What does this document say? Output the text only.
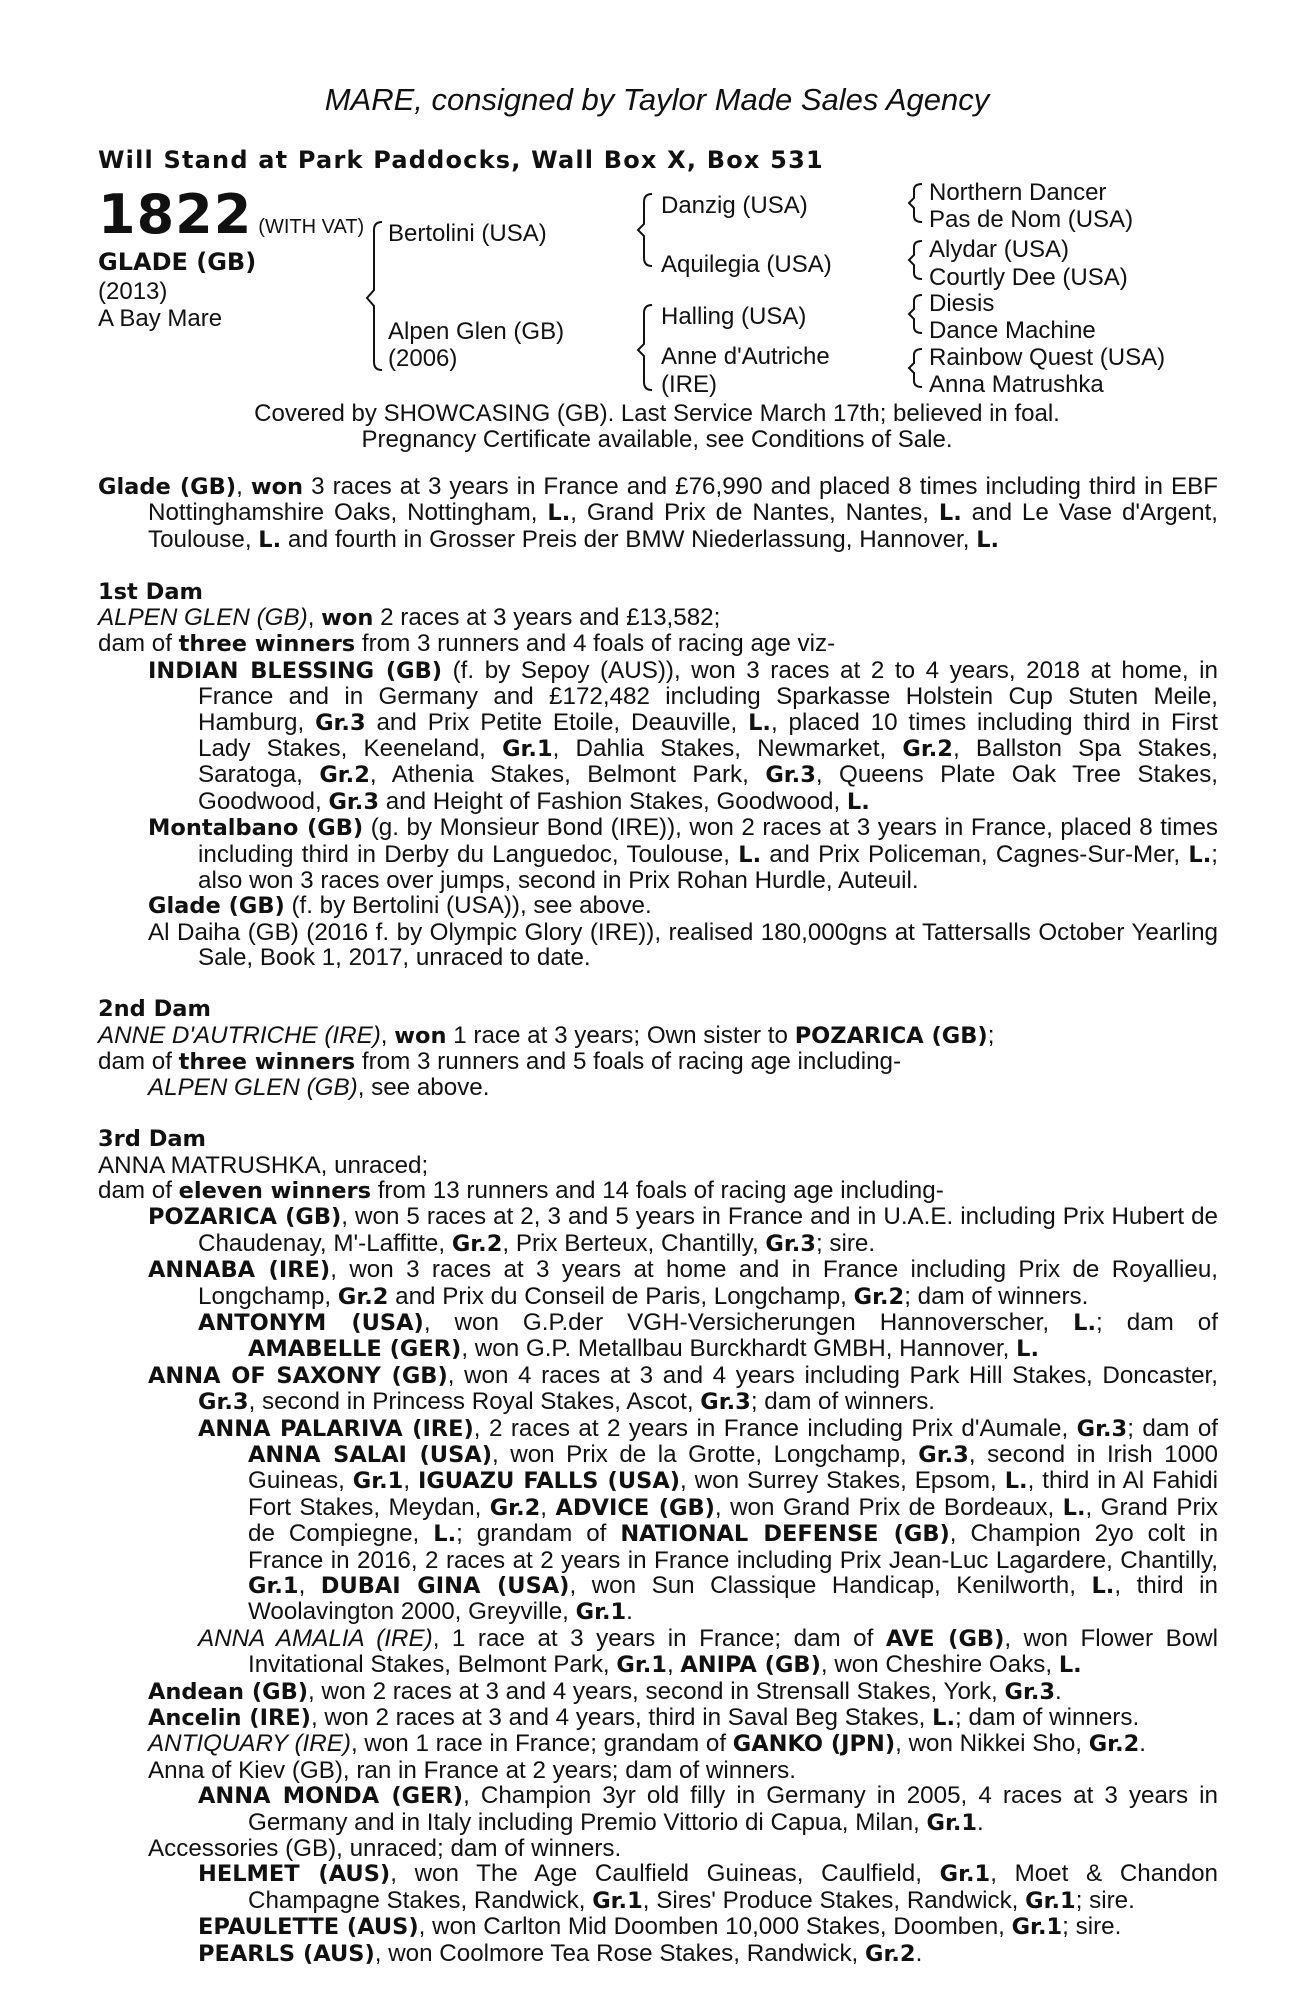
MARE, consigned by Taylor Made Sales Agency
Will Stand at Park Paddocks, Wall Box X, Box 531
1822 (WITH VAT)
GLADE (GB)
(2013)
A Bay Mare
Bertolini (USA)
Alpen Glen (GB)
(2006)
Danzig (USA)
Aquilegia (USA)
Halling (USA)
Anne d'Autriche
(IRE)
Northern Dancer
Pas de Nom (USA)
Alydar (USA)
Courtly Dee (USA)
Diesis
Dance Machine
Rainbow Quest (USA)
Anna Matrushka
Covered by SHOWCASING (GB). Last Service March 17th; believed in foal.
Pregnancy Certificate available, see Conditions of Sale.
Glade (GB), won 3 races at 3 years in France and £76,990 and placed 8 times including third in EBF Nottinghamshire Oaks, Nottingham, L., Grand Prix de Nantes, Nantes, L. and Le Vase d'Argent, Toulouse, L. and fourth in Grosser Preis der BMW Niederlassung, Hannover, L.
1st Dam
ALPEN GLEN (GB), won 2 races at 3 years and £13,582;
dam of three winners from 3 runners and 4 foals of racing age viz-
INDIAN BLESSING (GB) (f. by Sepoy (AUS)), won 3 races at 2 to 4 years, 2018 at home, in France and in Germany and £172,482 including Sparkasse Holstein Cup Stuten Meile, Hamburg, Gr.3 and Prix Petite Etoile, Deauville, L., placed 10 times including third in First Lady Stakes, Keeneland, Gr.1, Dahlia Stakes, Newmarket, Gr.2, Ballston Spa Stakes, Saratoga, Gr.2, Athenia Stakes, Belmont Park, Gr.3, Queens Plate Oak Tree Stakes, Goodwood, Gr.3 and Height of Fashion Stakes, Goodwood, L.
Montalbano (GB) (g. by Monsieur Bond (IRE)), won 2 races at 3 years in France, placed 8 times including third in Derby du Languedoc, Toulouse, L. and Prix Policeman, Cagnes-Sur-Mer, L.; also won 3 races over jumps, second in Prix Rohan Hurdle, Auteuil.
Glade (GB) (f. by Bertolini (USA)), see above.
Al Daiha (GB) (2016 f. by Olympic Glory (IRE)), realised 180,000gns at Tattersalls October Yearling Sale, Book 1, 2017, unraced to date.
2nd Dam
ANNE D'AUTRICHE (IRE), won 1 race at 3 years; Own sister to POZARICA (GB);
dam of three winners from 3 runners and 5 foals of racing age including-
ALPEN GLEN (GB), see above.
3rd Dam
ANNA MATRUSHKA, unraced;
dam of eleven winners from 13 runners and 14 foals of racing age including-
POZARICA (GB), won 5 races at 2, 3 and 5 years in France and in U.A.E. including Prix Hubert de Chaudenay, M'-Laffitte, Gr.2, Prix Berteux, Chantilly, Gr.3; sire.
ANNABA (IRE), won 3 races at 3 years at home and in France including Prix de Royallieu, Longchamp, Gr.2 and Prix du Conseil de Paris, Longchamp, Gr.2; dam of winners.
ANTONYM (USA), won G.P.der VGH-Versicherungen Hannoverscher, L.; dam of AMABELLE (GER), won G.P. Metallbau Burckhardt GMBH, Hannover, L.
ANNA OF SAXONY (GB), won 4 races at 3 and 4 years including Park Hill Stakes, Doncaster, Gr.3, second in Princess Royal Stakes, Ascot, Gr.3; dam of winners.
ANNA PALARIVA (IRE), 2 races at 2 years in France including Prix d'Aumale, Gr.3; dam of ANNA SALAI (USA), won Prix de la Grotte, Longchamp, Gr.3, second in Irish 1000 Guineas, Gr.1, IGUAZU FALLS (USA), won Surrey Stakes, Epsom, L., third in Al Fahidi Fort Stakes, Meydan, Gr.2, ADVICE (GB), won Grand Prix de Bordeaux, L., Grand Prix de Compiegne, L.; grandam of NATIONAL DEFENSE (GB), Champion 2yo colt in France in 2016, 2 races at 2 years in France including Prix Jean-Luc Lagardere, Chantilly, Gr.1, DUBAI GINA (USA), won Sun Classique Handicap, Kenilworth, L., third in Woolavington 2000, Greyville, Gr.1.
ANNA AMALIA (IRE), 1 race at 3 years in France; dam of AVE (GB), won Flower Bowl Invitational Stakes, Belmont Park, Gr.1, ANIPA (GB), won Cheshire Oaks, L.
Andean (GB), won 2 races at 3 and 4 years, second in Strensall Stakes, York, Gr.3.
Ancelin (IRE), won 2 races at 3 and 4 years, third in Saval Beg Stakes, L.; dam of winners.
ANTIQUARY (IRE), won 1 race in France; grandam of GANKO (JPN), won Nikkei Sho, Gr.2.
Anna of Kiev (GB), ran in France at 2 years; dam of winners.
ANNA MONDA (GER), Champion 3yr old filly in Germany in 2005, 4 races at 3 years in Germany and in Italy including Premio Vittorio di Capua, Milan, Gr.1.
Accessories (GB), unraced; dam of winners.
HELMET (AUS), won The Age Caulfield Guineas, Caulfield, Gr.1, Moet & Chandon Champagne Stakes, Randwick, Gr.1, Sires' Produce Stakes, Randwick, Gr.1; sire.
EPAULETTE (AUS), won Carlton Mid Doomben 10,000 Stakes, Doomben, Gr.1; sire.
PEARLS (AUS), won Coolmore Tea Rose Stakes, Randwick, Gr.2.
